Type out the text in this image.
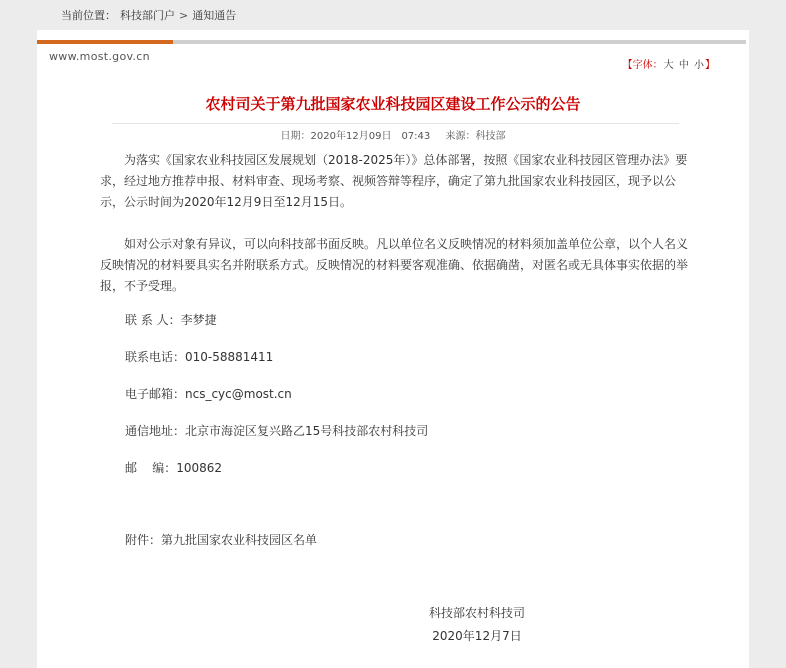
当前位置： 科技部门户 > 通知通告
www.most.gov.cn
【字体：大 中 小】
农村司关于第九批国家农业科技园区建设工作公示的公告
日期：2020年12月09日　07:43 来源：科技部

为落实《国家农业科技园区发展规划（2018-2025年）》总体部署，按照《国家农业科技园区管理办法》要求，经过地方推荐申报、材料审查、现场考察、视频答辩等程序，确定了第九批国家农业科技园区，现予以公示，公示时间为2020年12月9日至12月15日。

如对公示对象有异议，可以向科技部书面反映。凡以单位名义反映情况的材料须加盖单位公章，以个人名义反映情况的材料要具实名并附联系方式。反映情况的材料要客观准确、依据确凿，对匿名或无具体事实依据的举报，不予受理。

联 系 人：李梦捷
联系电话：010-58881411
电子邮箱：ncs_cyc@most.cn
通信地址：北京市海淀区复兴路乙15号科技部农村科技司
邮    编：100862
附件：第九批国家农业科技园区名单
科技部农村科技司
2020年12月7日
